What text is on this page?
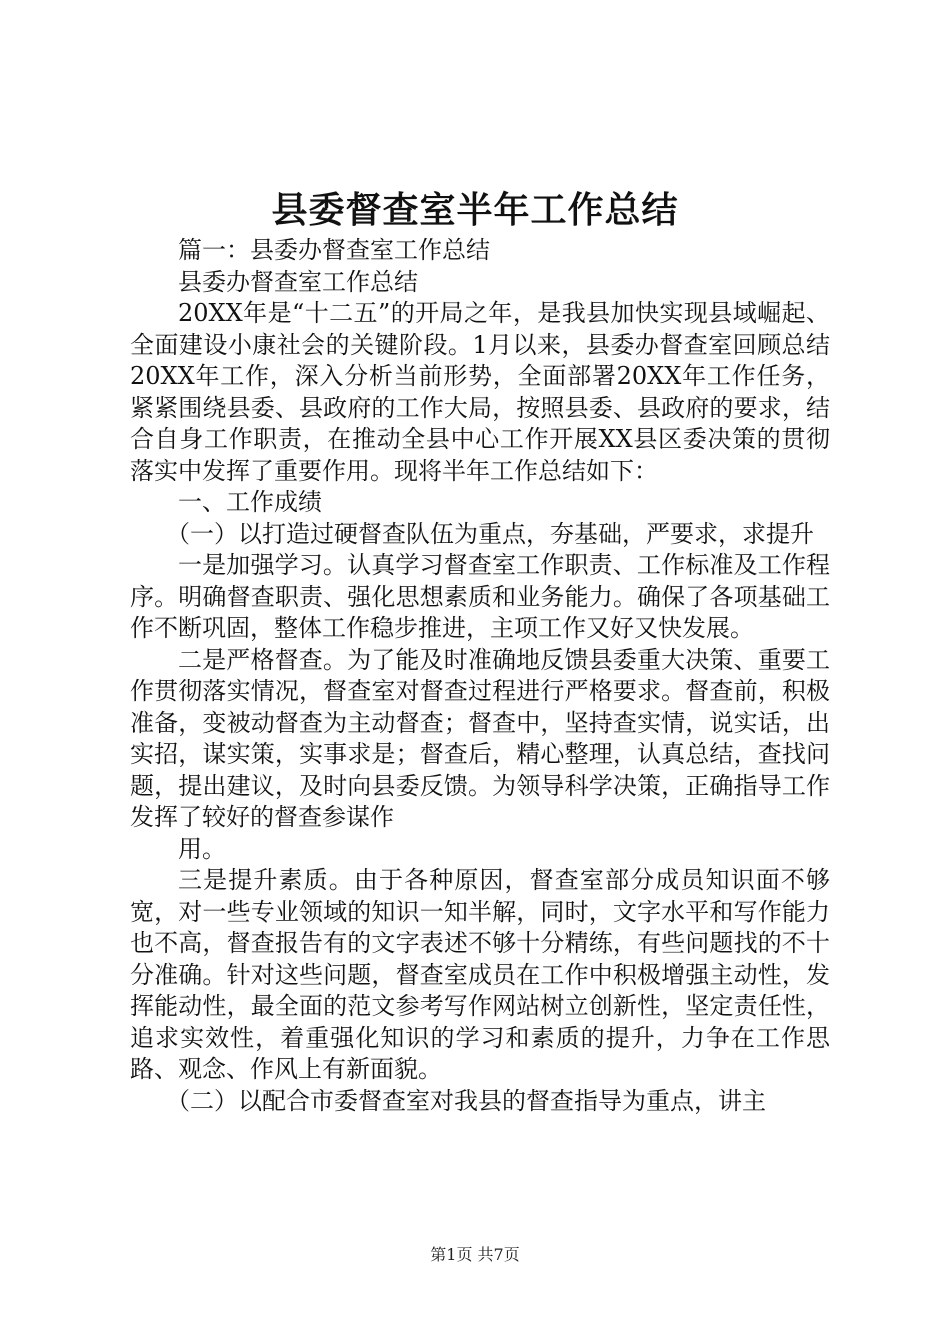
县委督查室半年工作总结

篇一：县委办督查室工作总结

县委办督查室工作总结

20XX年是“十二五”的开局之年，是我县加快实现县域崛起、全面建设小康社会的关键阶段。1月以来，县委办督查室回顾总结20XX年工作，深入分析当前形势，全面部署20XX年工作任务，紧紧围绕县委、县政府的工作大局，按照县委、县政府的要求，结合自身工作职责，在推动全县中心工作开展XX县区委决策的贯彻落实中发挥了重要作用。现将半年工作总结如下：

一、工作成绩

（一）以打造过硬督查队伍为重点，夯基础，严要求，求提升

一是加强学习。认真学习督查室工作职责、工作标准及工作程序。明确督查职责、强化思想素质和业务能力。确保了各项基础工作不断巩固，整体工作稳步推进，主项工作又好又快发展。

二是严格督查。为了能及时准确地反馈县委重大决策、重要工作贯彻落实情况，督查室对督查过程进行严格要求。督查前，积极准备，变被动督查为主动督查；督查中，坚持查实情，说实话，出实招，谋实策，实事求是；督查后，精心整理，认真总结，查找问题，提出建议，及时向县委反馈。为领导科学决策，正确指导工作发挥了较好的督查参谋作

用。

三是提升素质。由于各种原因，督查室部分成员知识面不够宽，对一些专业领域的知识一知半解，同时，文字水平和写作能力也不高，督查报告有的文字表述不够十分精练，有些问题找的不十分准确。针对这些问题，督查室成员在工作中积极增强主动性，发挥能动性，最全面的范文参考写作网站树立创新性，坚定责任性，追求实效性，着重强化知识的学习和素质的提升，力争在工作思路、观念、作风上有新面貌。

（二）以配合市委督查室对我县的督查指导为重点，讲主

第1页 共7页
